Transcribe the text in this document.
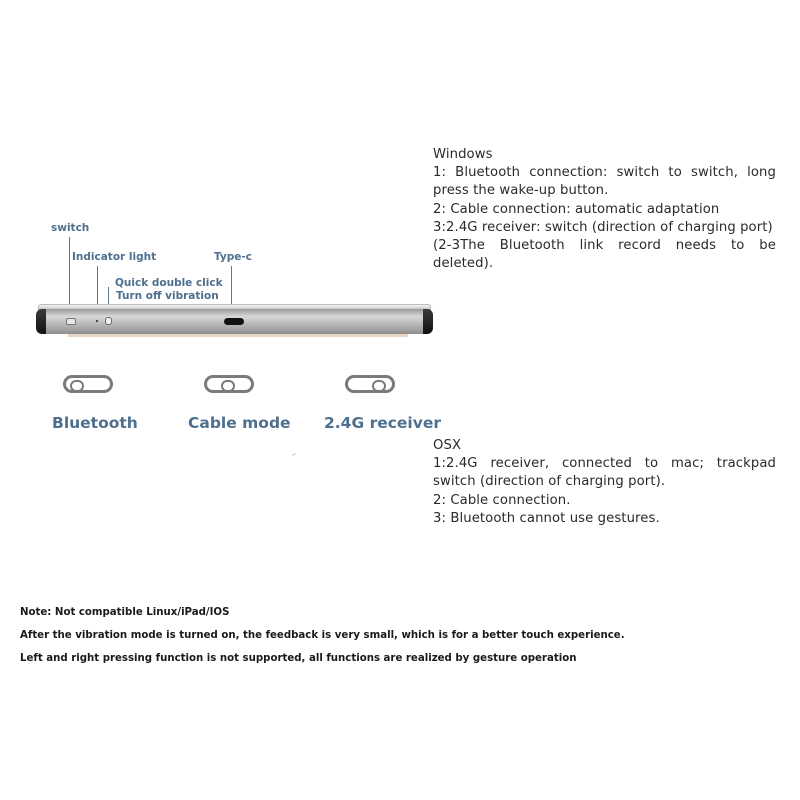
switch
Indicator light	Type-c
Quick double click
Turn off vibration
Bluetooth	Cable mode 2.4G receiver
Windows
1: Bluetooth connection: switch to switch, long press the wake-up button.
2: Cable connection: automatic adaptation
3:2.4G receiver: switch (direction of charging port)
(2-3The Bluetooth link record needs to be deleted).
OSX
1:2.4G receiver, connected to mac; trackpad switch (direction of charging port).
2: Cable connection.
3: Bluetooth cannot use gestures.
Note: Not compatible Linux/iPad/IOS
After the vibration mode is turned on, the feedback is very small, which is for a better touch experience.
Left and right pressing function is not supported, all functions are realized by gesture operation
